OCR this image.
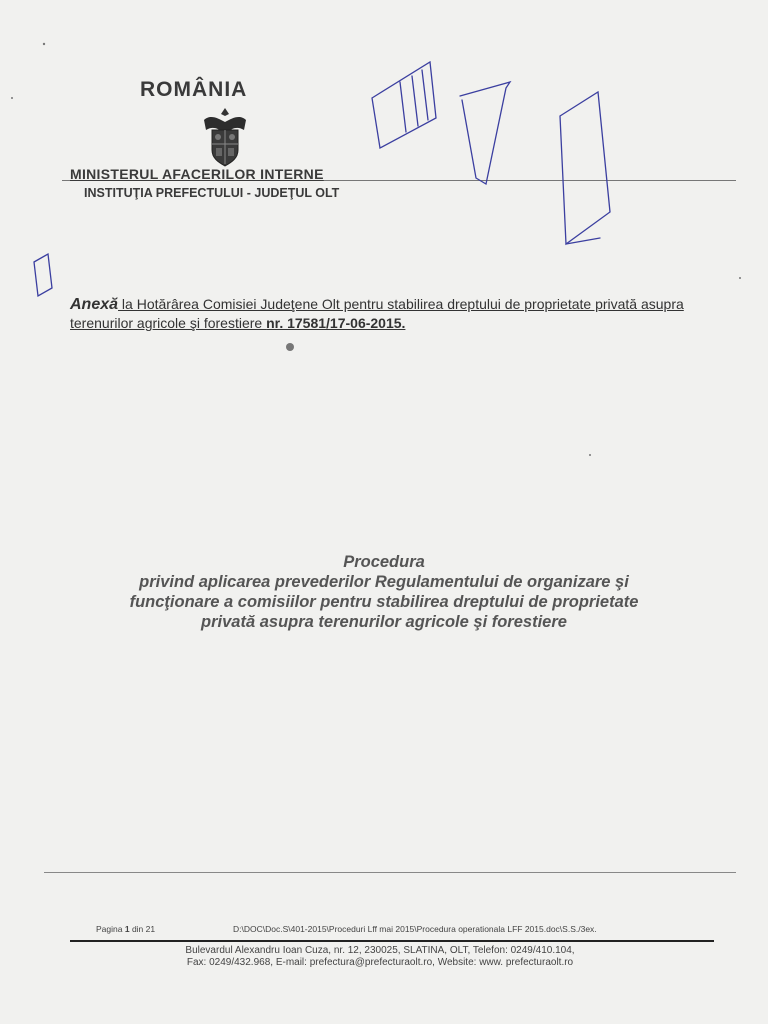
ROMÂNIA
MINISTERUL AFACERILOR INTERNE
INSTITUŢIA PREFECTULUI - JUDEŢUL OLT
Anexă la Hotărârea Comisiei Judeţene Olt pentru stabilirea dreptului de proprietate privată asupra terenurilor agricole şi forestiere nr. 17581/17-06-2015.
Procedura
privind aplicarea prevederilor Regulamentului de organizare şi
funcţionare a comisiilor pentru stabilirea dreptului de proprietate
privată asupra terenurilor agricole şi forestiere
Pagina 1 din 21	D:\DOC\Doc.S\401-2015\Proceduri Lff mai 2015\Procedura operationala LFF 2015.doc\S.S./3ex.
Bulevardul Alexandru Ioan Cuza, nr. 12, 230025, SLATINA, OLT, Telefon: 0249/410.104,
Fax: 0249/432.968, E-mail: prefectura@prefecturaolt.ro, Website: www. prefecturaolt.ro
